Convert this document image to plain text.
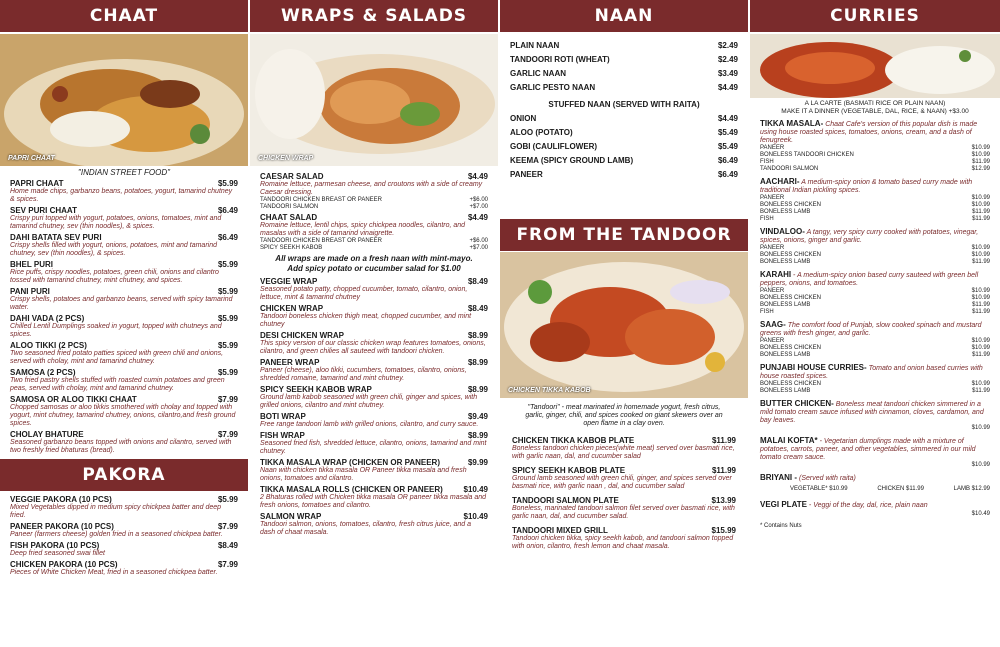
CHAAT
PAPRI CHAAT
"INDIAN STREET FOOD"
PAPRI CHAAT	$5.99
Home made chips, garbanzo beans, potatoes, yogurt, tamarind chutney & spices.
SEV PURI CHAAT	$6.49
Crispy puri topped with yogurt, potatoes, onions, tomatoes, mint and tamarind chutney, sev (thin noodles), & spices.
DAHI BATATA SEV PURI	$6.49
Crispy shells filled with yogurt, onions, potatoes, mint and tamarind chutney, sev (thin noodles), & spices.
BHEL PURI	$5.99
Rice puffs, crispy noodles, potatoes, green chili, onions and cilantro tossed with tamarind chutney, mint chutney, and spices.
PANI PURI	$5.99
Crispy shells, potatoes and garbanzo beans, served with spicy tamarind water.
DAHI VADA (2 PCS)	$5.99
Chilled Lentil Dumplings soaked in yogurt, topped with chutneys and spices.
ALOO TIKKI (2 PCS)	$5.99
Two seasoned fried potato patties spiced with green chili and onions, served with cholay, mint and tamarind chutney.
SAMOSA (2 PCS)	$5.99
Two fried pastry shells stuffed with roasted cumin potatoes and green peas, served with cholay, mint and tamarind chutney.
SAMOSA OR ALOO TIKKI CHAAT	$7.99
Chopped samosas or aloo tikkis smothered with cholay and topped with yogurt, mint chutney, tamarind chutney, onions, cilantro,and fresh ground spices.
CHOLAY BHATURE	$7.99
Seasoned garbanzo beans topped with onions and cilantro, served with two freshly fried bhaturas (bread).
PAKORA
VEGGIE PAKORA (10 PCS)	$5.99
Mixed Vegetables dipped in medium spicy chickpea batter and deep fried.
PANEER PAKORA (10 PCS)	$7.99
Paneer (farmers cheese) golden fried in a seasoned chickpea batter.
FISH PAKORA (10 PCS)	$8.49
Deep fried seasoned swai fillet
CHICKEN PAKORA (10 PCS)	$7.99
Pieces of White Chicken Meat, fried in a seasoned chickpea batter.
WRAPS & SALADS
CHICKEN WRAP
CAESAR SALAD	$4.49
Romaine lettuce, parmesan cheese, and croutons with a side of creamy Caesar dressing.
TANDOORI CHICKEN BREAST OR PANEER	+$6.00
TANDOORI SALMON	+$7.00
CHAAT SALAD	$4.49
Romaine lettuce, lentil chips, spicy chickpea noodles, cilantro, and masalas with a side of tamarind vinaigrette.
TANDOORI CHICKEN BREAST OR PANEER	+$6.00
SPICY SEEKH KABOB	+$7.00
All wraps are made on a fresh naan with mint-mayo.
Add spicy potato or cucumber salad for $1.00
VEGGIE WRAP	$8.49
Seasoned potato patty, chopped cucumber, tomato, cilantro, onion, lettuce, mint & tamarind chutney
CHICKEN WRAP	$8.49
Tandoori boneless chicken thigh meat, chopped cucumber, and mint chutney
DESI CHICKEN WRAP	$8.99
This spicy version of our classic chicken wrap features tomatoes, onions, cilantro, and green chilies all sauteed with tandoori chicken.
PANEER WRAP	$8.99
Paneer (cheese), aloo tikki, cucumbers, tomatoes, cilantro, onions, shredded romaine, tamarind and mint chutney.
SPICY SEEKH KABOB WRAP	$8.99
Ground lamb kabob seasoned with green chili, ginger and spices, with grilled onions, cilantro and mint chutney.
BOTI WRAP	$9.49
Free range tandoori lamb with grilled onions, cilantro, and curry sauce.
FISH WRAP	$8.99
Seasoned fried fish, shredded lettuce, cilantro, onions, tamarind and mint chutney.
TIKKA MASALA WRAP (CHICKEN OR PANEER)	$9.99
Naan with chicken tikka masala OR Paneer tikka masala and fresh onions, tomatoes and cilantro.
TIKKA MASALA ROLLS (CHICKEN OR PANEER)	$10.49
2 Bhaturas rolled with Chicken tikka masala OR paneer tikka masala and fresh onions, tomatoes and cilantro.
SALMON WRAP	$10.49
Tandoori salmon, onions, tomatoes, cilantro, fresh citrus juice, and a dash of chaat masala.
NAAN
PLAIN NAAN	$2.49
TANDOORI ROTI (WHEAT)	$2.49
GARLIC NAAN	$3.49
GARLIC PESTO NAAN	$4.49
STUFFED NAAN (SERVED WITH RAITA)
ONION	$4.49
ALOO (POTATO)	$5.49
GOBI (CAULIFLOWER)	$5.49
KEEMA (SPICY GROUND LAMB)	$6.49
PANEER	$6.49
FROM THE TANDOOR
CHICKEN TIKKA KABOB
"Tandoori" - meat marinated in homemade yogurt, fresh citrus, garlic, ginger, chili, and spices cooked on giant skewers over an open flame in a clay oven.
CHICKEN TIKKA KABOB PLATE	$11.99
Boneless tandoori chicken pieces(white meat) served over basmati rice, with garlic naan, dal, and cucumber salad
SPICY SEEKH KABOB PLATE	$11.99
Ground lamb seasoned with green chili, ginger, and spices served over basmati rice, with garlic naan , dal, and cucumber salad
TANDOORI SALMON PLATE	$13.99
Boneless, marinated tandoori salmon filet served over basmati rice, with garlic naan, dal, and cucumber salad.
TANDOORI MIXED GRILL	$15.99
Tandoori chicken tikka, spicy seekh kabob, and tandoori salmon topped with onion, cilantro, fresh lemon and chaat masala.
CURRIES
A LA CARTE (BASMATI RICE OR PLAIN NAAN)
MAKE IT A DINNER (VEGETABLE, DAL, RICE, & NAAN) +$3.00
TIKKA MASALA- Chaat Cafe's version of this popular dish is made using house roasted spices, tomatoes, onions, cream, and a dash of fenugreek.
PANEER	$10.99
BONELESS TANDOORI CHICKEN	$10.99
FISH	$11.99
TANDOORI SALMON	$12.99
AACHARI- A medium-spicy onion & tomato based curry made with traditional Indian pickling spices.
PANEER	$10.99
BONELESS CHICKEN	$10.99
BONELESS LAMB	$11.99
FISH	$11.99
VINDALOO- A tangy, very spicy curry cooked with potatoes, vinegar, spices, onions, ginger and garlic.
PANEER	$10.99
BONELESS CHICKEN	$10.99
BONELESS LAMB	$11.99
KARAHI - A medium-spicy onion based curry sauteed with green bell peppers, onions, and tomatoes.
PANEER	$10.99
BONELESS CHICKEN	$10.99
BONELESS LAMB	$11.99
FISH	$11.99
SAAG- The comfort food of Punjab, slow cooked spinach and mustard greens with fresh ginger, and garlic.
PANEER	$10.99
BONELESS CHICKEN	$10.99
BONELESS LAMB	$11.99
PUNJABI HOUSE CURRIES- Tomato and onion based curries with house roasted spices.
BONELESS CHICKEN	$10.99
BONELESS LAMB	$11.99
BUTTER CHICKEN- Boneless meat tandoori chicken simmered in a mild tomato cream sauce infused with cinnamon, cloves, cardamon, and bay leaves.
$10.99
MALAI KOFTA* - Vegetarian dumplings made with a mixture of potatoes, carrots, paneer, and other vegetables, simmered in our mild tomato cream sauce.
$10.99
BRIYANI - (Served with raita)
VEGETABLE* $10.99	CHICKEN $11.99	LAMB $12.99
VEGI PLATE - Veggi of the day, dal, rice, plain naan
$10.49
* Contains Nuts
